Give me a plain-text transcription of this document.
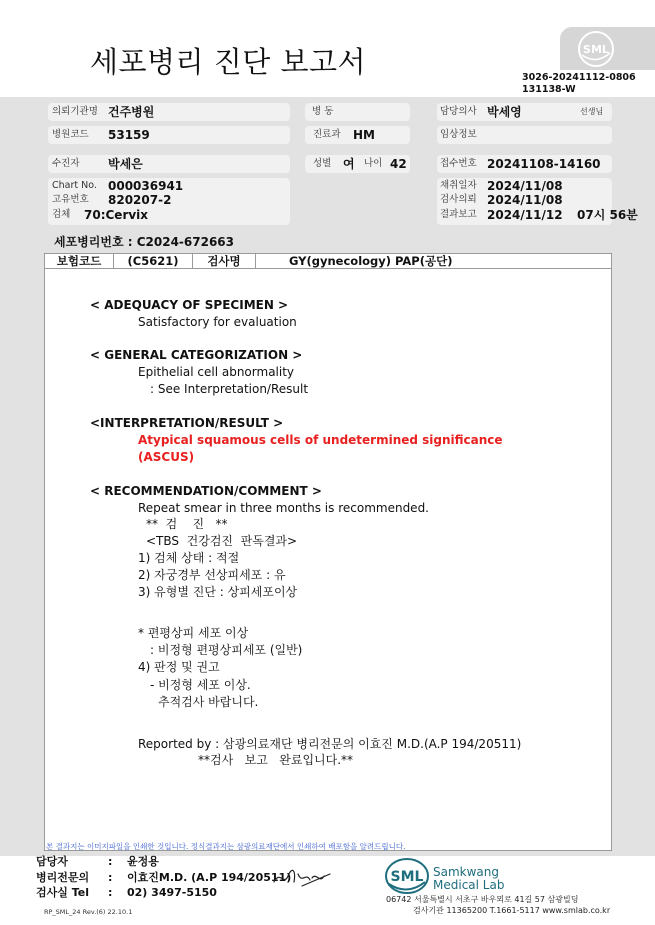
세포병리 진단 보고서	SML
3026-20241112-0806
131138-W
의뢰기관명 건주병원	병 동	담당의사 박세영	선생님
병원코드 53159	진료과 HM	임상정보
수진자 박세은	성별 여 나이 42	접수번호 20241108-14160
Chart No. 000036941
고유번호 820207-2
검체 70:Cervix
채취일자 2024/11/08
검사의뢰 2024/11/08
결과보고 2024/11/12 07시 56분
세포병리번호 : C2024-672663
보험코드	(C5621)	검사명	GY(gynecology) PAP(공단)
< ADEQUACY OF SPECIMEN >
Satisfactory for evaluation
< GENERAL CATEGORIZATION >
Epithelial cell abnormality
: See Interpretation/Result
<INTERPRETATION/RESULT >
Atypical squamous cells of undetermined significance
(ASCUS)
< RECOMMENDATION/COMMENT >
Repeat smear in three months is recommended.
**  검    진   **
<TBS  건강검진  판독결과>
1) 검체 상태 : 적절
2) 자궁경부 선상피세포 : 유
3) 유형별 진단 : 상피세포이상
* 편평상피 세포 이상
: 비정형 편평상피세포 (일반)
4) 판정 및 권고
- 비정형 세포 이상.
추적검사 바랍니다.
Reported by : 삼광의료재단 병리전문의 이효진 M.D.(A.P 194/20511)
**검사   보고   완료입니다.**
본 결과지는 이미지파일을 인쇄한 것입니다. 정식결과지는 삼광의료재단에서 인쇄하여 배포함을 알려드립니다.
담당자	: 윤정용
병리전문의 : 이효진M.D. (A.P 194/20511)
검사실 Tel : 02) 3497-5150
RP_SML_24 Rev.(6) 22.10.1
SML Samkwang
Medical Lab
06742 서울특별시 서초구 바우뫼로 41길 57 삼광빌딩
검사기관 11365200 T.1661-5117 www.smlab.co.kr
